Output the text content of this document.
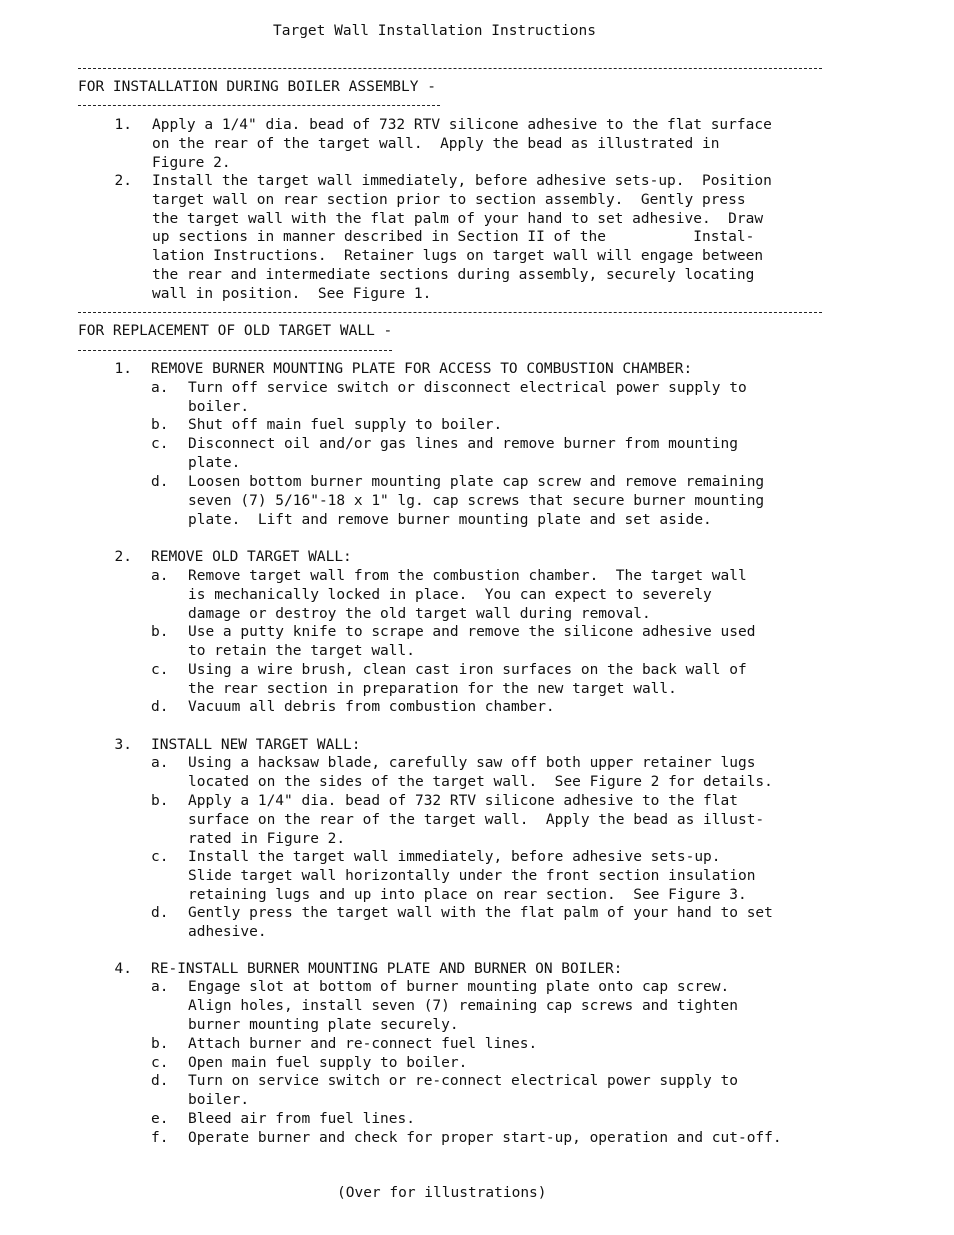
Target Wall Installation Instructions
FOR INSTALLATION DURING BOILER ASSEMBLY -
1. Apply a 1/4" dia. bead of 732 RTV silicone adhesive to the flat surface
on the rear of the target wall.  Apply the bead as illustrated in
Figure 2.
2. Install the target wall immediately, before adhesive sets-up.  Position
target wall on rear section prior to section assembly.  Gently press
the target wall with the flat palm of your hand to set adhesive.  Draw
up sections in manner described in Section II of the          Instal-
lation Instructions.  Retainer lugs on target wall will engage between
the rear and intermediate sections during assembly, securely locating
wall in position.  See Figure 1.
FOR REPLACEMENT OF OLD TARGET WALL -
1. REMOVE BURNER MOUNTING PLATE FOR ACCESS TO COMBUSTION CHAMBER:
a. Turn off service switch or disconnect electrical power supply to
boiler.
b. Shut off main fuel supply to boiler.
c. Disconnect oil and/or gas lines and remove burner from mounting
plate.
d. Loosen bottom burner mounting plate cap screw and remove remaining
seven (7) 5/16"-18 x 1" lg. cap screws that secure burner mounting
plate.  Lift and remove burner mounting plate and set aside.
2. REMOVE OLD TARGET WALL:
a. Remove target wall from the combustion chamber.  The target wall
is mechanically locked in place.  You can expect to severely
damage or destroy the old target wall during removal.
b. Use a putty knife to scrape and remove the silicone adhesive used
to retain the target wall.
c. Using a wire brush, clean cast iron surfaces on the back wall of
the rear section in preparation for the new target wall.
d. Vacuum all debris from combustion chamber.
3. INSTALL NEW TARGET WALL:
a. Using a hacksaw blade, carefully saw off both upper retainer lugs
located on the sides of the target wall.  See Figure 2 for details.
b. Apply a 1/4" dia. bead of 732 RTV silicone adhesive to the flat
surface on the rear of the target wall.  Apply the bead as illust-
rated in Figure 2.
c. Install the target wall immediately, before adhesive sets-up.
Slide target wall horizontally under the front section insulation
retaining lugs and up into place on rear section.  See Figure 3.
d. Gently press the target wall with the flat palm of your hand to set
adhesive.
4. RE-INSTALL BURNER MOUNTING PLATE AND BURNER ON BOILER:
a. Engage slot at bottom of burner mounting plate onto cap screw.
Align holes, install seven (7) remaining cap screws and tighten
burner mounting plate securely.
b. Attach burner and re-connect fuel lines.
c. Open main fuel supply to boiler.
d. Turn on service switch or re-connect electrical power supply to
boiler.
e. Bleed air from fuel lines.
f. Operate burner and check for proper start-up, operation and cut-off.
(Over for illustrations)
